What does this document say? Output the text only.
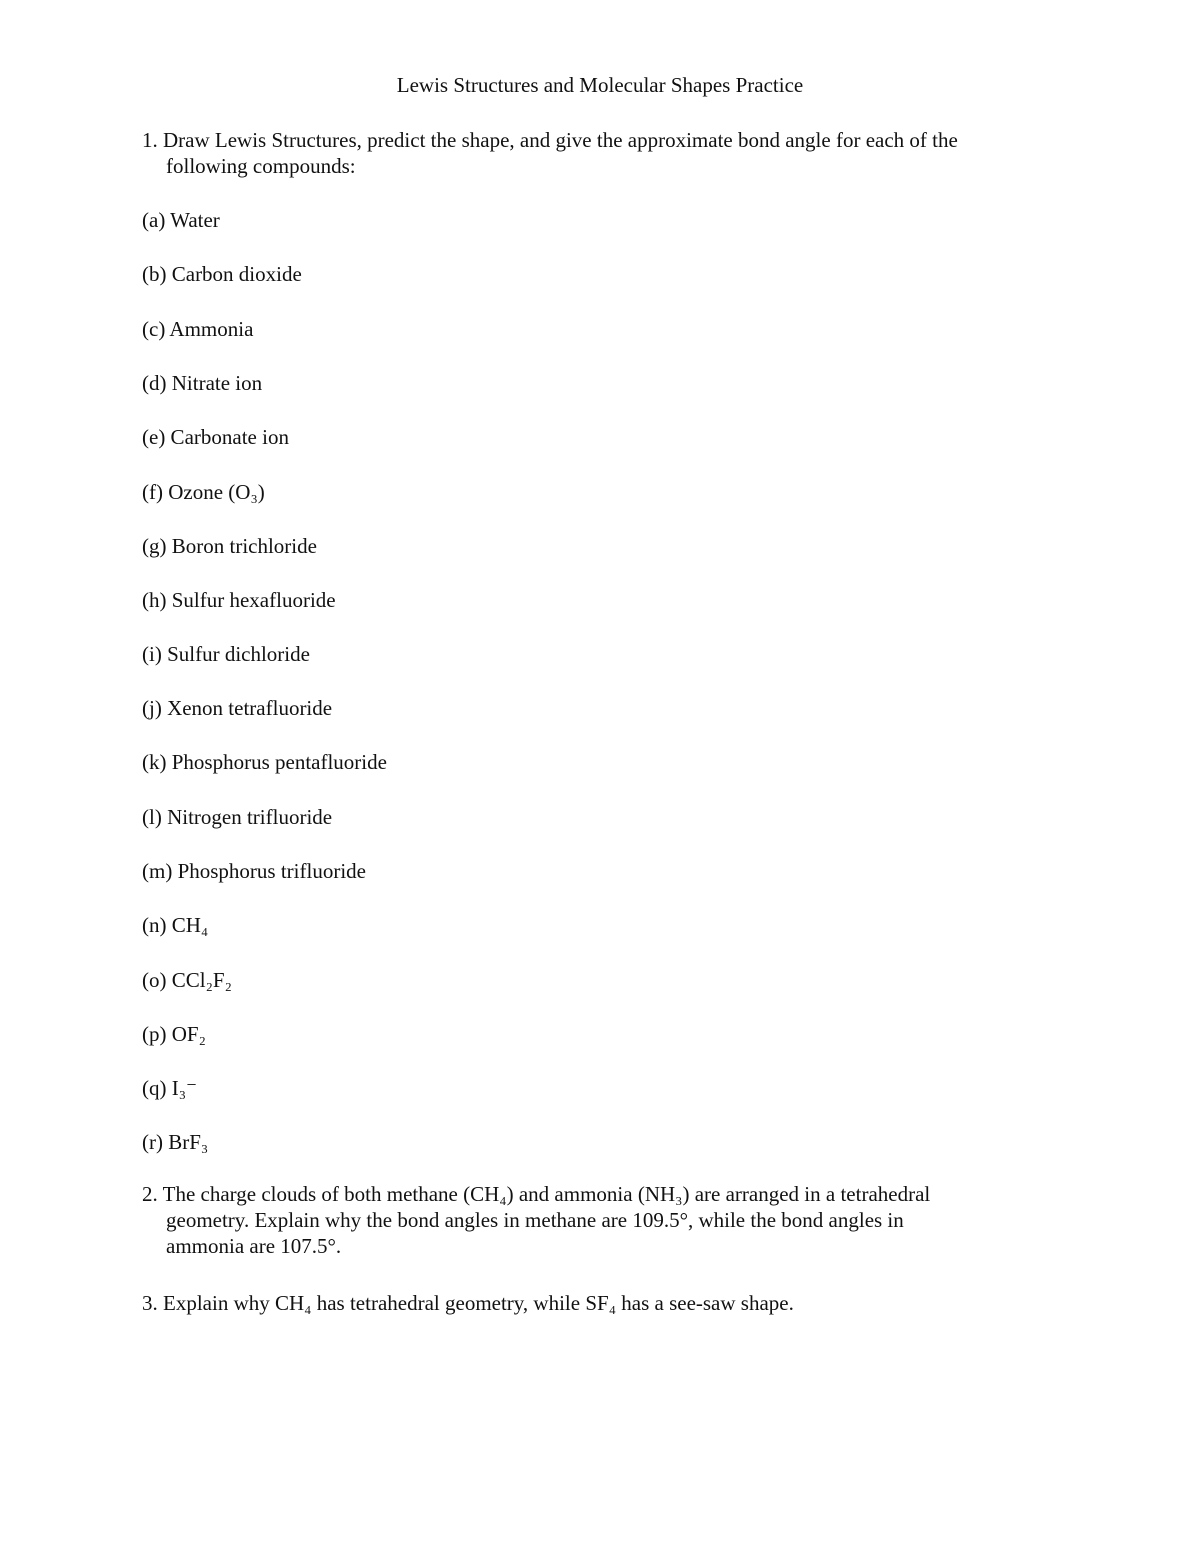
Lewis Structures and Molecular Shapes Practice
1. Draw Lewis Structures, predict the shape, and give the approximate bond angle for each of the
following compounds:
(a) Water
(b) Carbon dioxide
(c) Ammonia
(d) Nitrate ion
(e) Carbonate ion
(f) Ozone (O₃)
(g) Boron trichloride
(h) Sulfur hexafluoride
(i) Sulfur dichloride
(j) Xenon tetrafluoride
(k) Phosphorus pentafluoride
(l) Nitrogen trifluoride
(m) Phosphorus trifluoride
(n) CH₄
(o) CCl₂F₂
(p) OF₂
(q) I₃⁻
(r) BrF₃
2. The charge clouds of both methane (CH₄) and ammonia (NH₃) are arranged in a tetrahedral
geometry. Explain why the bond angles in methane are 109.5°, while the bond angles in
ammonia are 107.5°.
3. Explain why CH₄ has tetrahedral geometry, while SF₄ has a see-saw shape.
